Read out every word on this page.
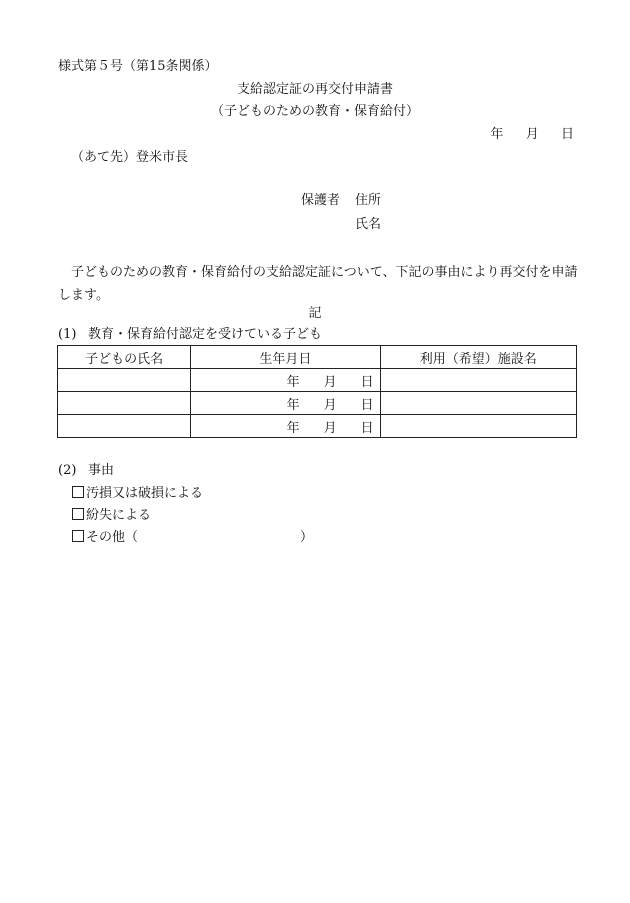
様式第５号（第15条関係）
支給認定証の再交付申請書
（子どものための教育・保育給付）
年 月 日
（あて先）登米市長
保護者 住所
氏名

子どものための教育・保育給付の支給認定証について、下記の事由により再交付を申請します。

記
(1) 教育・保育給付認定を受けている子ども
子どもの氏名	生年月日	利用（希望）施設名
	年 月 日	
	年 月 日	
	年 月 日	
(2) 事由
汚損又は破損による
紛失による
その他（	）
